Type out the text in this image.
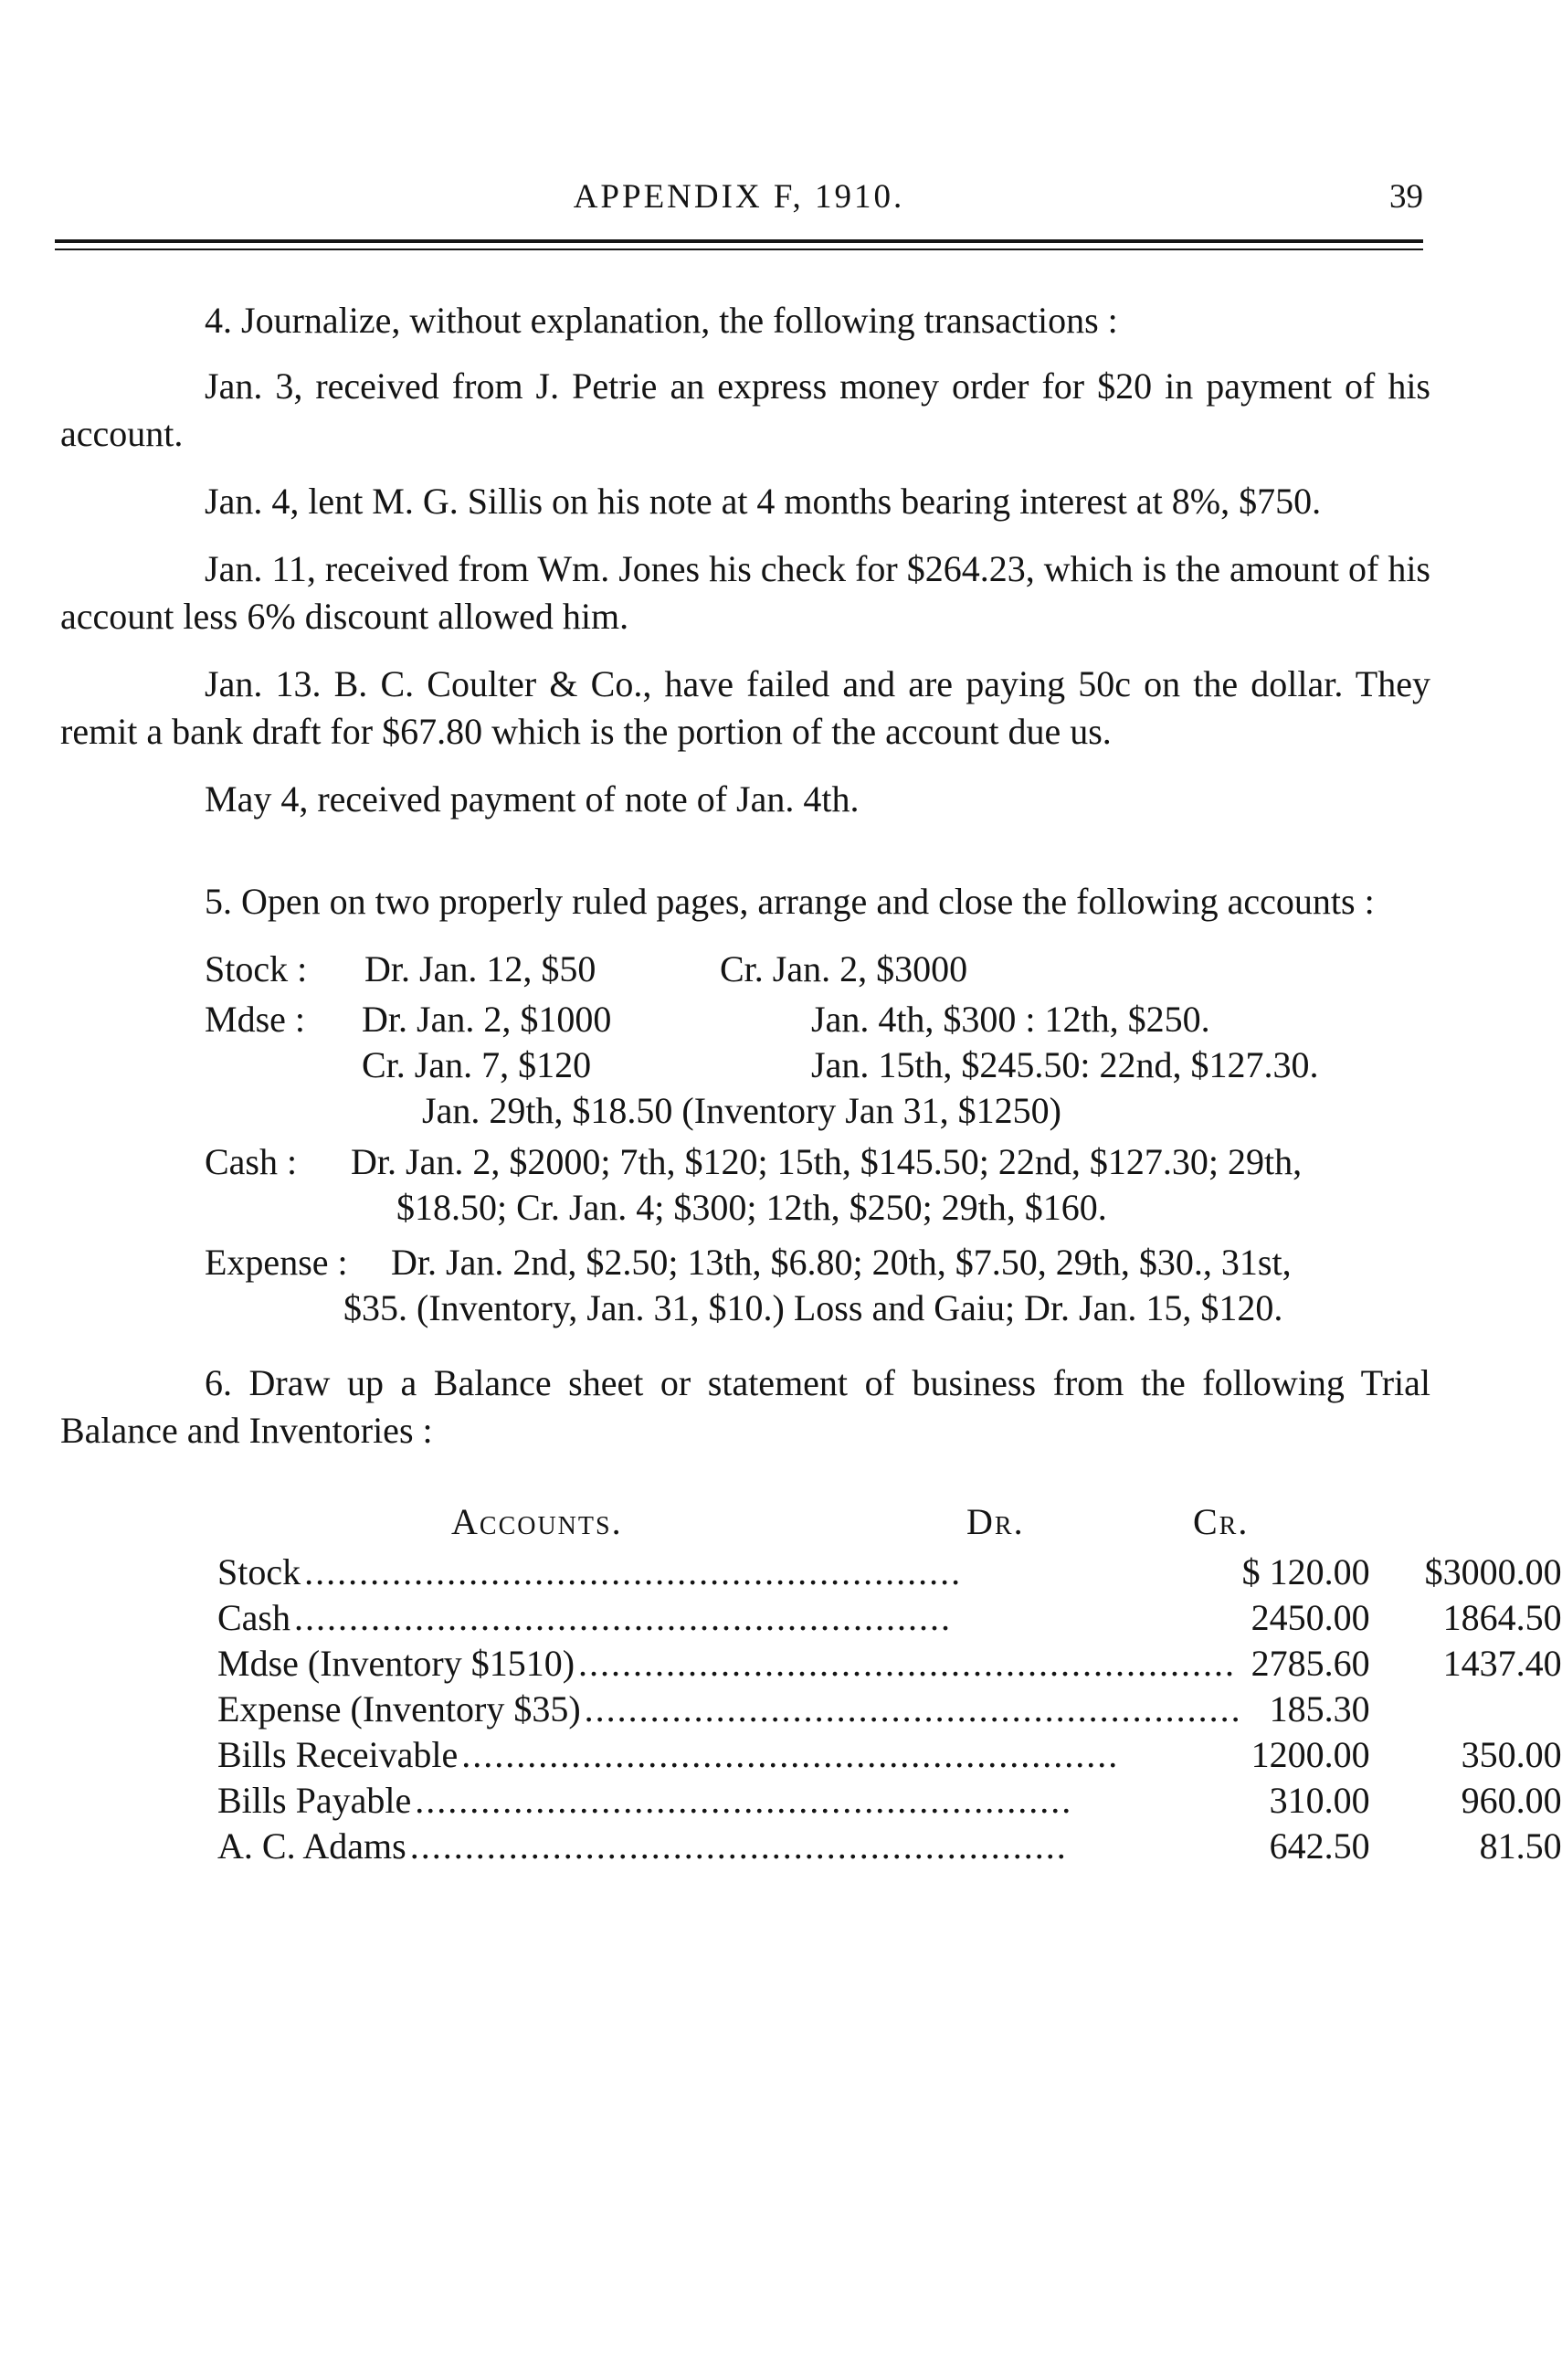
APPENDIX F, 1910.	39

4. Journalize, without explanation, the following transactions :

Jan. 3, received from J. Petrie an express money order for $20 in payment of his account.

Jan. 4, lent M. G. Sillis on his note at 4 months bearing interest at 8%, $750.

Jan. 11, received from Wm. Jones his check for $264.23, which is the amount of his account less 6% discount allowed him.

Jan. 13. B. C. Coulter & Co., have failed and are paying 50c on the dollar. They remit a bank draft for $67.80 which is the portion of the account due us.

May 4, received payment of note of Jan. 4th.

5. Open on two properly ruled pages, arrange and close the following accounts :

Stock : Dr. Jan. 12, $50	Cr. Jan. 2, $3000
Mdse : Dr. Jan. 2, $1000	Jan. 4th, $300 : 12th, $250.
Cr. Jan. 7, $120	Jan. 15th, $245.50: 22nd, $127.30.
Jan. 29th, $18.50 (Inventory Jan 31, $1250)
Cash : Dr. Jan. 2, $2000; 7th, $120; 15th, $145.50; 22nd, $127.30; 29th,
$18.50; Cr. Jan. 4; $300; 12th, $250; 29th, $160.
Expense : Dr. Jan. 2nd, $2.50; 13th, $6.80; 20th, $7.50, 29th, $30., 31st,
$35. (Inventory, Jan. 31, $10.) Loss and Gaiu; Dr. Jan. 15, $120.

6. Draw up a Balance sheet or statement of business from the following Trial Balance and Inventories :

Accounts.	Dr.	Cr.
Stock ............................................................	$ 120.00	$3000.00
Cash ............................................................	2450.00	1864.50
Mdse (Inventory $1510) ............................................................	2785.60	1437.40
Expense (Inventory $35) ............................................................	185.30	
Bills Receivable ............................................................	1200.00	350.00
Bills Payable ............................................................	310.00	960.00
A. C. Adams ............................................................	642.50	81.50
